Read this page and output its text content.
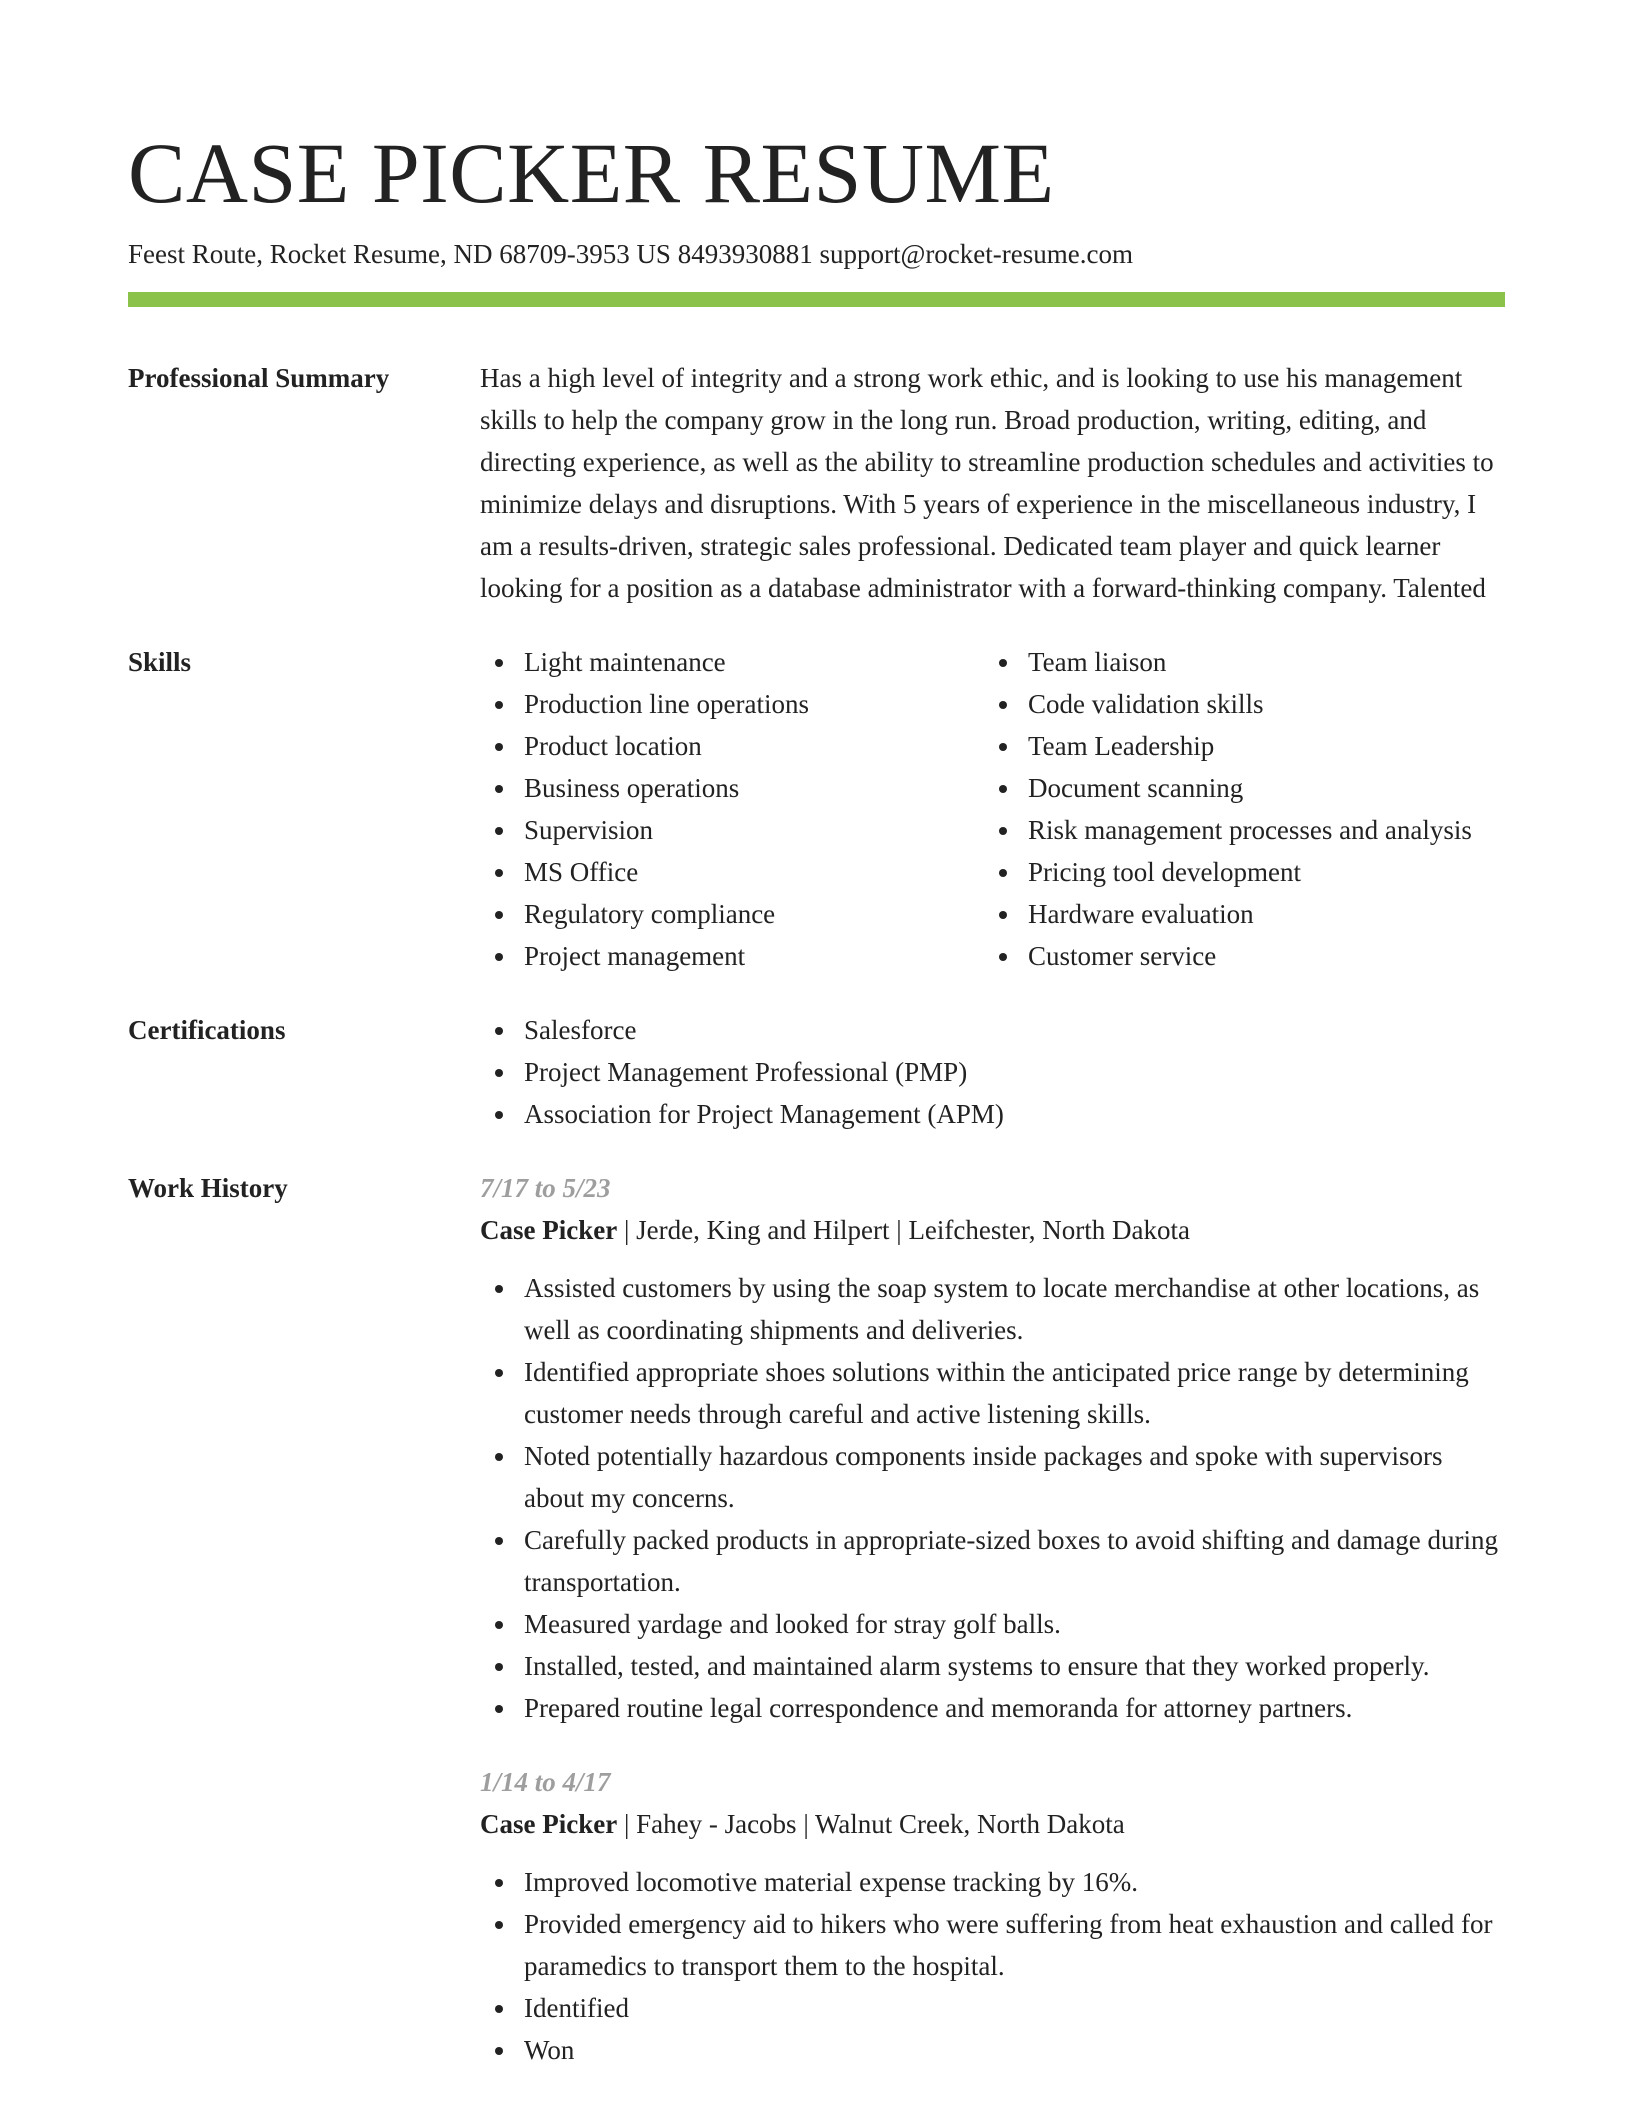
CASE PICKER RESUME
Feest Route, Rocket Resume, ND 68709-3953 US 8493930881 support@rocket-resume.com
Professional Summary	Has a high level of integrity and a strong work ethic, and is looking to use his management skills to help the company grow in the long run. Broad production, writing, editing, and directing experience, as well as the ability to streamline production schedules and activities to minimize delays and disruptions. With 5 years of experience in the miscellaneous industry, I am a results-driven, strategic sales professional. Dedicated team player and quick learner looking for a position as a database administrator with a forward-thinking company. Talented
Skills	Light maintenance
Production line operations
Product location
Business operations
Supervision
MS Office
Regulatory compliance
Project management
Team liaison
Code validation skills
Team Leadership
Document scanning
Risk management processes and analysis
Pricing tool development
Hardware evaluation
Customer service
Certifications	Salesforce
Project Management Professional (PMP)
Association for Project Management (APM)
Work History	7/17 to 5/23
Case Picker | Jerde, King and Hilpert | Leifchester, North Dakota
Assisted customers by using the soap system to locate merchandise at other locations, as well as coordinating shipments and deliveries.
Identified appropriate shoes solutions within the anticipated price range by determining customer needs through careful and active listening skills.
Noted potentially hazardous components inside packages and spoke with supervisors about my concerns.
Carefully packed products in appropriate-sized boxes to avoid shifting and damage during transportation.
Measured yardage and looked for stray golf balls.
Installed, tested, and maintained alarm systems to ensure that they worked properly.
Prepared routine legal correspondence and memoranda for attorney partners.
1/14 to 4/17
Case Picker | Fahey - Jacobs | Walnut Creek, North Dakota
Improved locomotive material expense tracking by 16%.
Provided emergency aid to hikers who were suffering from heat exhaustion and called for paramedics to transport them to the hospital.
Identified
Won
